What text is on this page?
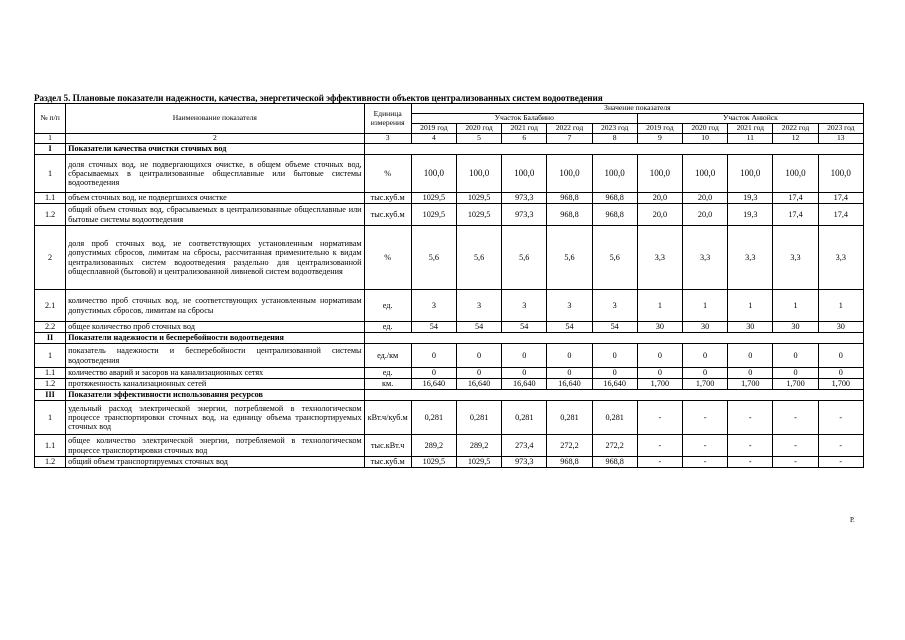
Раздел 5. Плановые показатели надежности, качества, энергетической эффективности объектов централизованных систем водоотведения
№ п/п	Наименование показателя	Единица измерения	Значение показателя									
			Участок Балабино					Участок Анюйск				
			2019 год	2020 год	2021 год	2022 год	2023 год	2019 год	2020 год	2021 год	2022 год	2023 год
1	2	3	4	5	6	7	8	9	10	11	12	13
I	Показатели качества очистки сточных вод											
1	доля сточных вод, не подвергающихся очистке, в общем объеме сточных вод, сбрасываемых в централизованные общесплавные или бытовые системы водоотведения	%	100,0	100,0	100,0	100,0	100,0	100,0	100,0	100,0	100,0	100,0
1.1	объем сточных вод, не подвергшихся очистке	тыс.куб.м	1029,5	1029,5	973,3	968,8	968,8	20,0	20,0	19,3	17,4	17,4
1.2	общий объем сточных вод, сбрасываемых в централизованные общесплавные или бытовые системы водоотведения	тыс.куб.м	1029,5	1029,5	973,3	968,8	968,8	20,0	20,0	19,3	17,4	17,4
2	доля проб сточных вод, не соответствующих установленным нормативам допустимых сбросов, лимитам на сбросы, рассчитанная применительно к видам централизованных систем водоотведения раздельно для централизованной общесплавной (бытовой) и централизованной ливневой систем водоотведения	%	5,6	5,6	5,6	5,6	5,6	3,3	3,3	3,3	3,3	3,3
2.1	количество проб сточных вод, не соответствующих установленным нормативам допустимых сбросов, лимитам на сбросы	ед.	3	3	3	3	3	1	1	1	1	1
2.2	общее количество проб сточных вод	ед.	54	54	54	54	54	30	30	30	30	30
II	Показатели надежности и бесперебойности водоотведения											
1	показатель надежности и бесперебойности централизованной системы водоотведения	ед./км	0	0	0	0	0	0	0	0	0	0
1.1	количество аварий и засоров на канализационных сетях	ед.	0	0	0	0	0	0	0	0	0	0
1.2	протяженность канализационных сетей	км.	16,640	16,640	16,640	16,640	16,640	1,700	1,700	1,700	1,700	1,700
III	Показатели эффективности использования ресурсов											
1	удельный расход электрической энергии, потребляемой в технологическом процессе транспортировки сточных вод, на единицу объема транспортируемых сточных вод	кВт.ч/куб.м	0,281	0,281	0,281	0,281	0,281	-	-	-	-	-
1.1	общее количество электрической энергии, потребляемой в технологическом процессе транспортировки сточных вод	тыс.кВт.ч	289,2	289,2	273,4	272,2	272,2	-	-	-	-	-
1.2	общий объем транспортируемых сточных вод	тыс.куб.м	1029,5	1029,5	973,3	968,8	968,8	-	-	-	-	-
Р.
